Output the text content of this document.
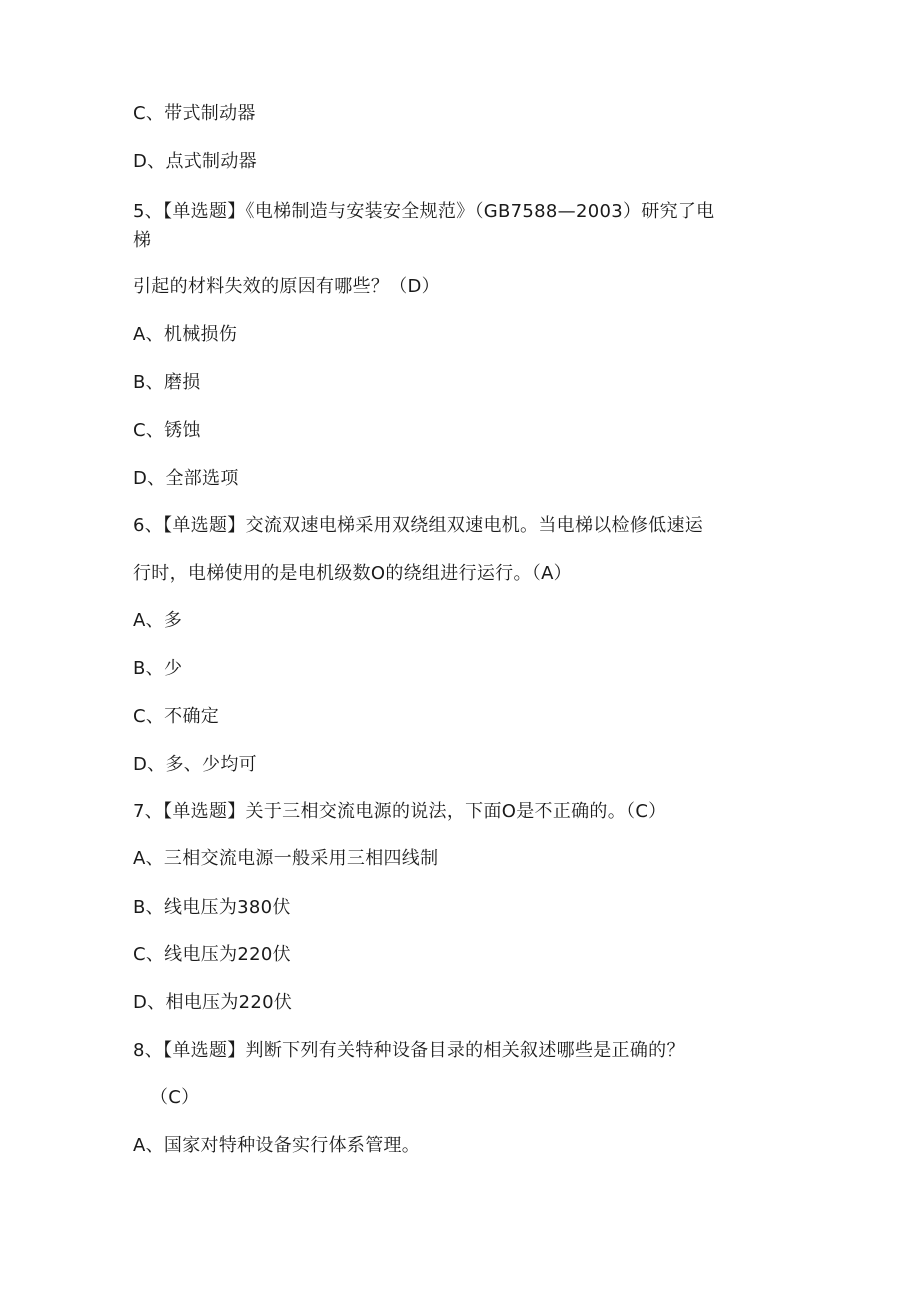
C、带式制动器
D、点式制动器
5、【单选题】《电梯制造与安装安全规范》（GB7588—2003）研究了电
梯
引起的材料失效的原因有哪些？（D）
A、机械损伤
B、磨损
C、锈蚀
D、全部选项
6、【单选题】交流双速电梯采用双绕组双速电机。当电梯以检修低速运
行时，电梯使用的是电机级数O的绕组进行运行。（A）
A、多
B、少
C、不确定
D、多、少均可
7、【单选题】关于三相交流电源的说法，下面O是不正确的。（C）
A、三相交流电源一般采用三相四线制
B、线电压为380伏
C、线电压为220伏
D、相电压为220伏
8、【单选题】判断下列有关特种设备目录的相关叙述哪些是正确的？
（C）
A、国家对特种设备实行体系管理。
